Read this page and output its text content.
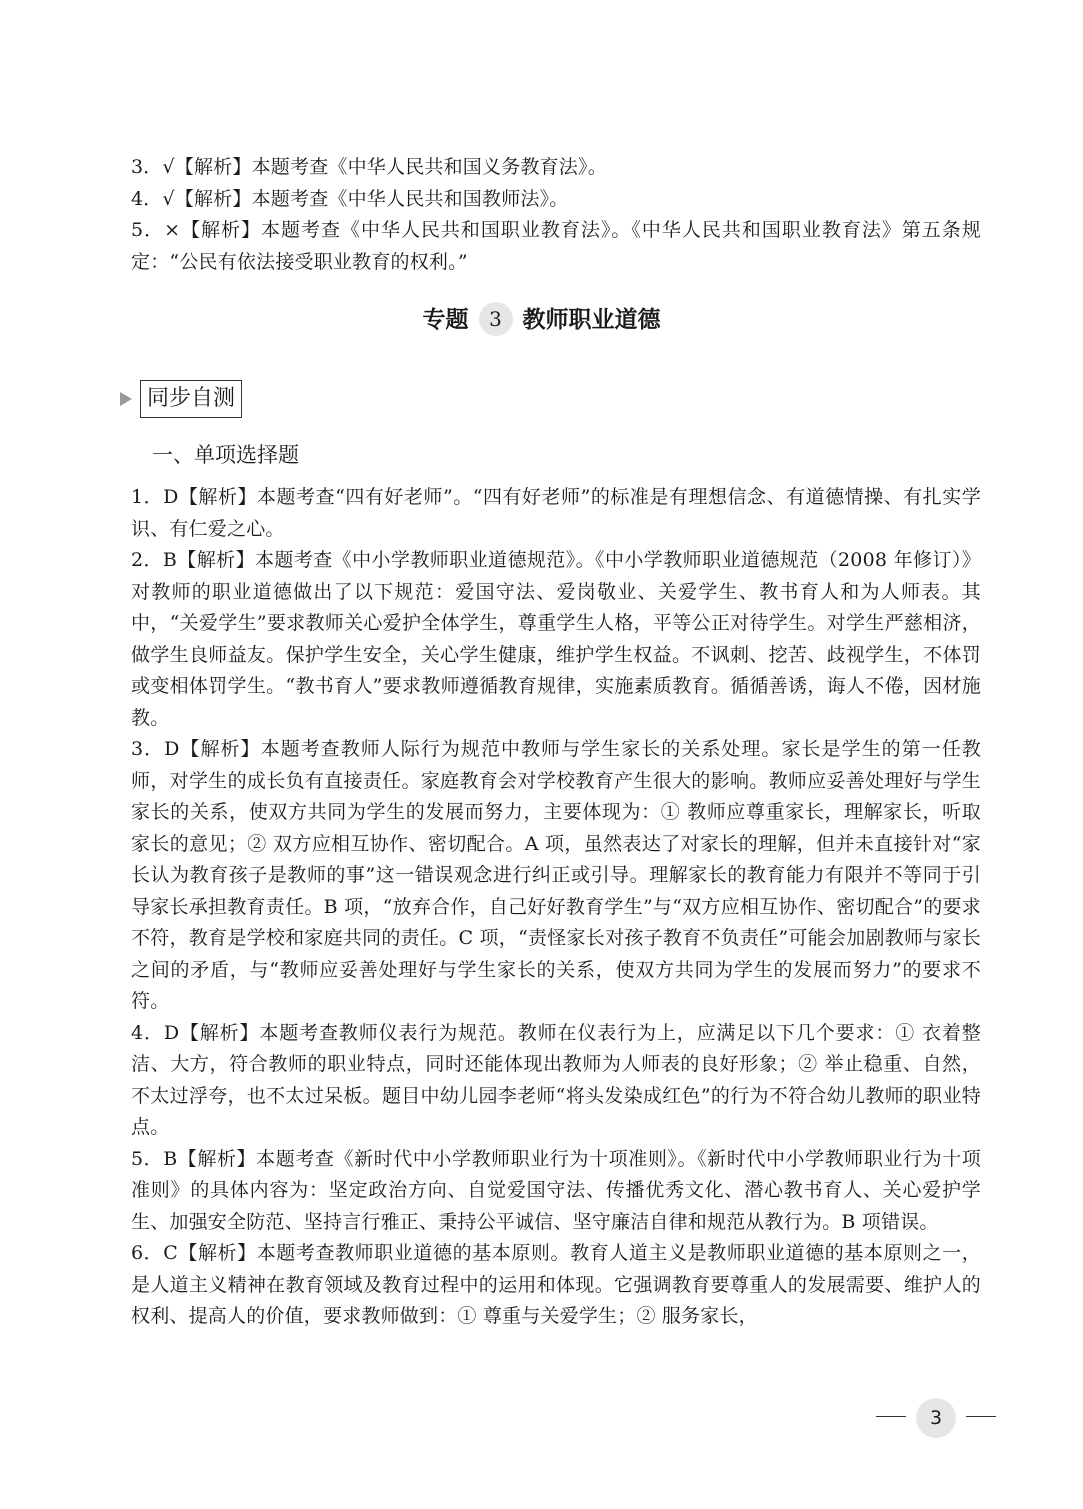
3．√【解析】本题考查《中华人民共和国义务教育法》。

4．√【解析】本题考查《中华人民共和国教师法》。

5．×【解析】本题考查《中华人民共和国职业教育法》。《中华人民共和国职业教育法》第五条规定：“公民有依法接受职业教育的权利。”

专题 3 教师职业道德
同步自测
一、单项选择题

1．D【解析】本题考查“四有好老师”。“四有好老师”的标准是有理想信念、有道德情操、有扎实学识、有仁爱之心。

2．B【解析】本题考查《中小学教师职业道德规范》。《中小学教师职业道德规范（2008 年修订）》对教师的职业道德做出了以下规范：爱国守法、爱岗敬业、关爱学生、教书育人和为人师表。其中，“关爱学生”要求教师关心爱护全体学生，尊重学生人格，平等公正对待学生。对学生严慈相济，做学生良师益友。保护学生安全，关心学生健康，维护学生权益。不讽刺、挖苦、歧视学生，不体罚或变相体罚学生。“教书育人”要求教师遵循教育规律，实施素质教育。循循善诱，诲人不倦，因材施教。

3．D【解析】本题考查教师人际行为规范中教师与学生家长的关系处理。家长是学生的第一任教师，对学生的成长负有直接责任。家庭教育会对学校教育产生很大的影响。教师应妥善处理好与学生家长的关系，使双方共同为学生的发展而努力，主要体现为：① 教师应尊重家长，理解家长，听取家长的意见；② 双方应相互协作、密切配合。A 项，虽然表达了对家长的理解，但并未直接针对“家长认为教育孩子是教师的事”这一错误观念进行纠正或引导。理解家长的教育能力有限并不等同于引导家长承担教育责任。B 项，“放弃合作，自己好好教育学生”与“双方应相互协作、密切配合”的要求不符，教育是学校和家庭共同的责任。C 项，“责怪家长对孩子教育不负责任”可能会加剧教师与家长之间的矛盾，与“教师应妥善处理好与学生家长的关系，使双方共同为学生的发展而努力”的要求不符。

4．D【解析】本题考查教师仪表行为规范。教师在仪表行为上，应满足以下几个要求：① 衣着整洁、大方，符合教师的职业特点，同时还能体现出教师为人师表的良好形象；② 举止稳重、自然，不太过浮夸，也不太过呆板。题目中幼儿园李老师“将头发染成红色”的行为不符合幼儿教师的职业特点。

5．B【解析】本题考查《新时代中小学教师职业行为十项准则》。《新时代中小学教师职业行为十项准则》的具体内容为：坚定政治方向、自觉爱国守法、传播优秀文化、潜心教书育人、关心爱护学生、加强安全防范、坚持言行雅正、秉持公平诚信、坚守廉洁自律和规范从教行为。B 项错误。

6．C【解析】本题考查教师职业道德的基本原则。教育人道主义是教师职业道德的基本原则之一，是人道主义精神在教育领域及教育过程中的运用和体现。它强调教育要尊重人的发展需要、维护人的权利、提高人的价值，要求教师做到：① 尊重与关爱学生；② 服务家长，

3
